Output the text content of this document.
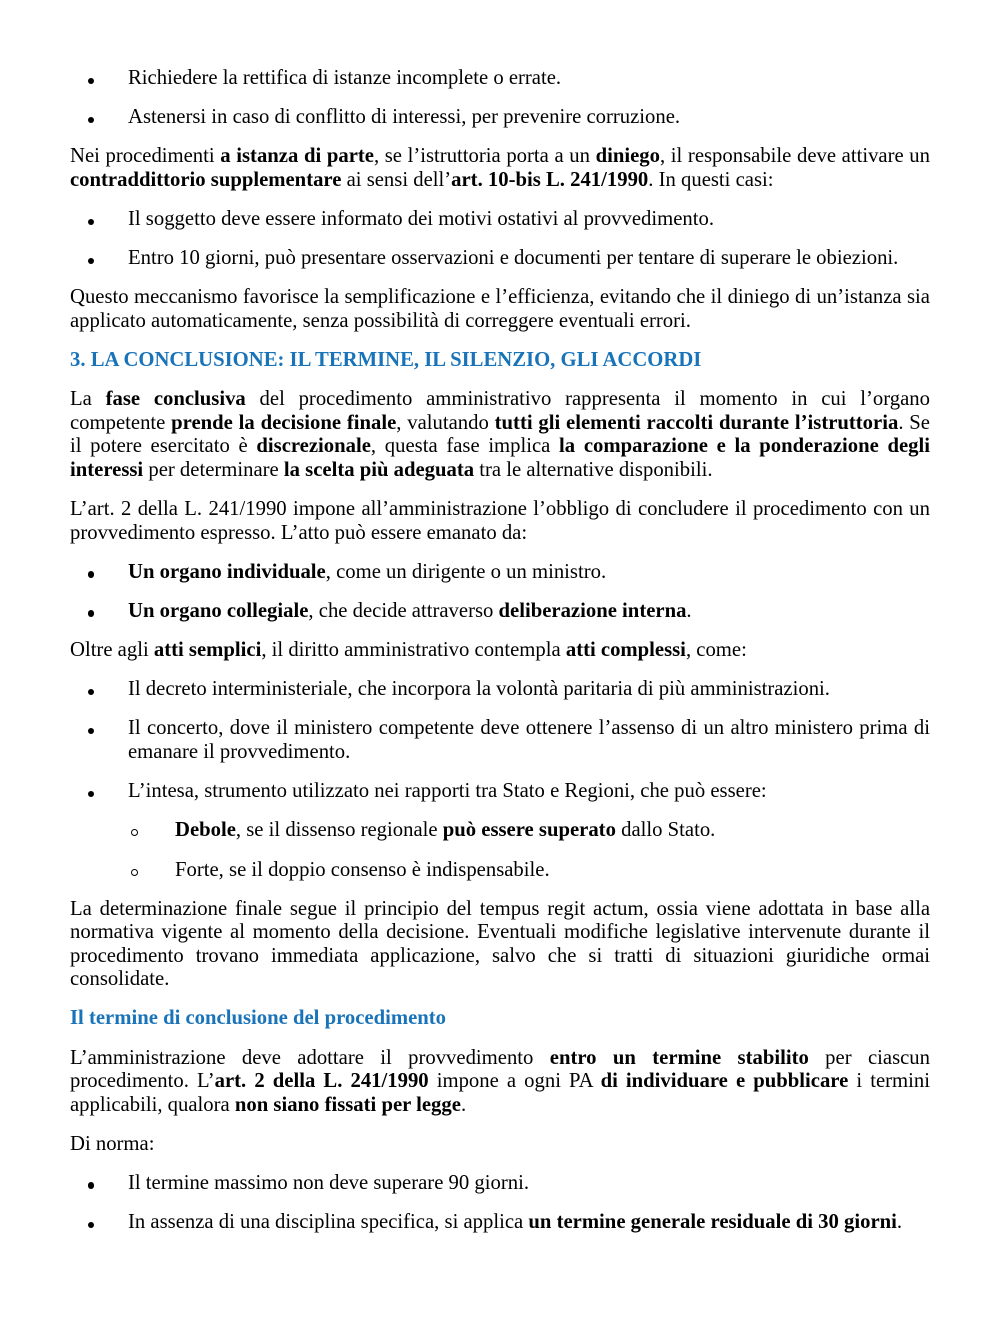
Richiedere la rettifica di istanze incomplete o errate.
Astenersi in caso di conflitto di interessi, per prevenire corruzione.

Nei procedimenti a istanza di parte, se l’istruttoria porta a un diniego, il responsabile deve attivare un contraddittorio supplementare ai sensi dell’art. 10-bis L. 241/1990. In questi casi:

Il soggetto deve essere informato dei motivi ostativi al provvedimento.
Entro 10 giorni, può presentare osservazioni e documenti per tentare di superare le obiezioni.

Questo meccanismo favorisce la semplificazione e l’efficienza, evitando che il diniego di un’istanza sia applicato automaticamente, senza possibilità di correggere eventuali errori.

3. LA CONCLUSIONE: IL TERMINE, IL SILENZIO, GLI ACCORDI

La fase conclusiva del procedimento amministrativo rappresenta il momento in cui l’organo competente prende la decisione finale, valutando tutti gli elementi raccolti durante l’istruttoria. Se il potere esercitato è discrezionale, questa fase implica la comparazione e la ponderazione degli interessi per determinare la scelta più adeguata tra le alternative disponibili.

L’art. 2 della L. 241/1990 impone all’amministrazione l’obbligo di concludere il procedimento con un provvedimento espresso. L’atto può essere emanato da:

Un organo individuale, come un dirigente o un ministro.
Un organo collegiale, che decide attraverso deliberazione interna.

Oltre agli atti semplici, il diritto amministrativo contempla atti complessi, come:

Il decreto interministeriale, che incorpora la volontà paritaria di più amministrazioni.
Il concerto, dove il ministero competente deve ottenere l’assenso di un altro ministero prima di emanare il provvedimento.
L’intesa, strumento utilizzato nei rapporti tra Stato e Regioni, che può essere:
Debole, se il dissenso regionale può essere superato dallo Stato.
Forte, se il doppio consenso è indispensabile.

La determinazione finale segue il principio del tempus regit actum, ossia viene adottata in base alla normativa vigente al momento della decisione. Eventuali modifiche legislative intervenute durante il procedimento trovano immediata applicazione, salvo che si tratti di situazioni giuridiche ormai consolidate.

Il termine di conclusione del procedimento

L’amministrazione deve adottare il provvedimento entro un termine stabilito per ciascun procedimento. L’art. 2 della L. 241/1990 impone a ogni PA di individuare e pubblicare i termini applicabili, qualora non siano fissati per legge.

Di norma:

Il termine massimo non deve superare 90 giorni.
In assenza di una disciplina specifica, si applica un termine generale residuale di 30 giorni.
